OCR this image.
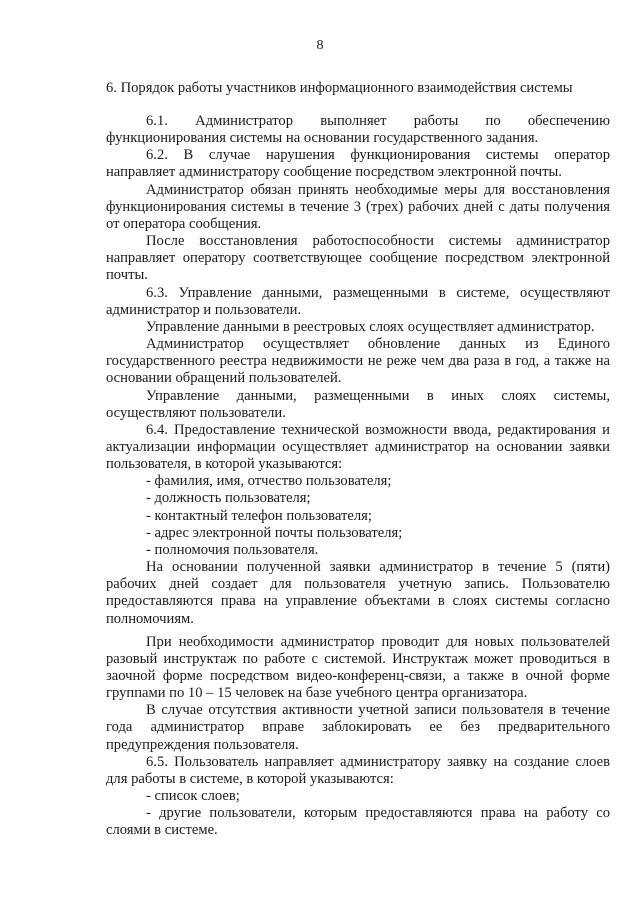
8
6. Порядок работы участников информационного взаимодействия системы

6.1. Администратор выполняет работы по обеспечению функционирования системы на основании государственного задания.

6.2. В случае нарушения функционирования системы оператор направляет администратору сообщение посредством электронной почты.

Администратор обязан принять необходимые меры для восстановления функционирования системы в течение 3 (трех) рабочих дней с даты получения от оператора сообщения.

После восстановления работоспособности системы администратор направляет оператору соответствующее сообщение посредством электронной почты.

6.3. Управление данными, размещенными в системе, осуществляют администратор и пользователи.

Управление данными в реестровых слоях осуществляет администратор.

Администратор осуществляет обновление данных из Единого государственного реестра недвижимости не реже чем два раза в год, а также на основании обращений пользователей.

Управление данными, размещенными в иных слоях системы, осуществляют пользователи.

6.4. Предоставление технической возможности ввода, редактирования и актуализации информации осуществляет администратор на основании заявки пользователя, в которой указываются:

- фамилия, имя, отчество пользователя;

- должность пользователя;

- контактный телефон пользователя;

- адрес электронной почты пользователя;

- полномочия пользователя.

На основании полученной заявки администратор в течение 5 (пяти) рабочих дней создает для пользователя учетную запись. Пользователю предоставляются права на управление объектами в слоях системы согласно полномочиям.

При необходимости администратор проводит для новых пользователей разовый инструктаж по работе с системой. Инструктаж может проводиться в заочной форме посредством видео-конференц-связи, а также в очной форме группами по 10 – 15 человек на базе учебного центра организатора.

В случае отсутствия активности учетной записи пользователя в течение года администратор вправе заблокировать ее без предварительного предупреждения пользователя.

6.5. Пользователь направляет администратору заявку на создание слоев для работы в системе, в которой указываются:

- список слоев;

- другие пользователи, которым предоставляются права на работу со слоями в системе.
